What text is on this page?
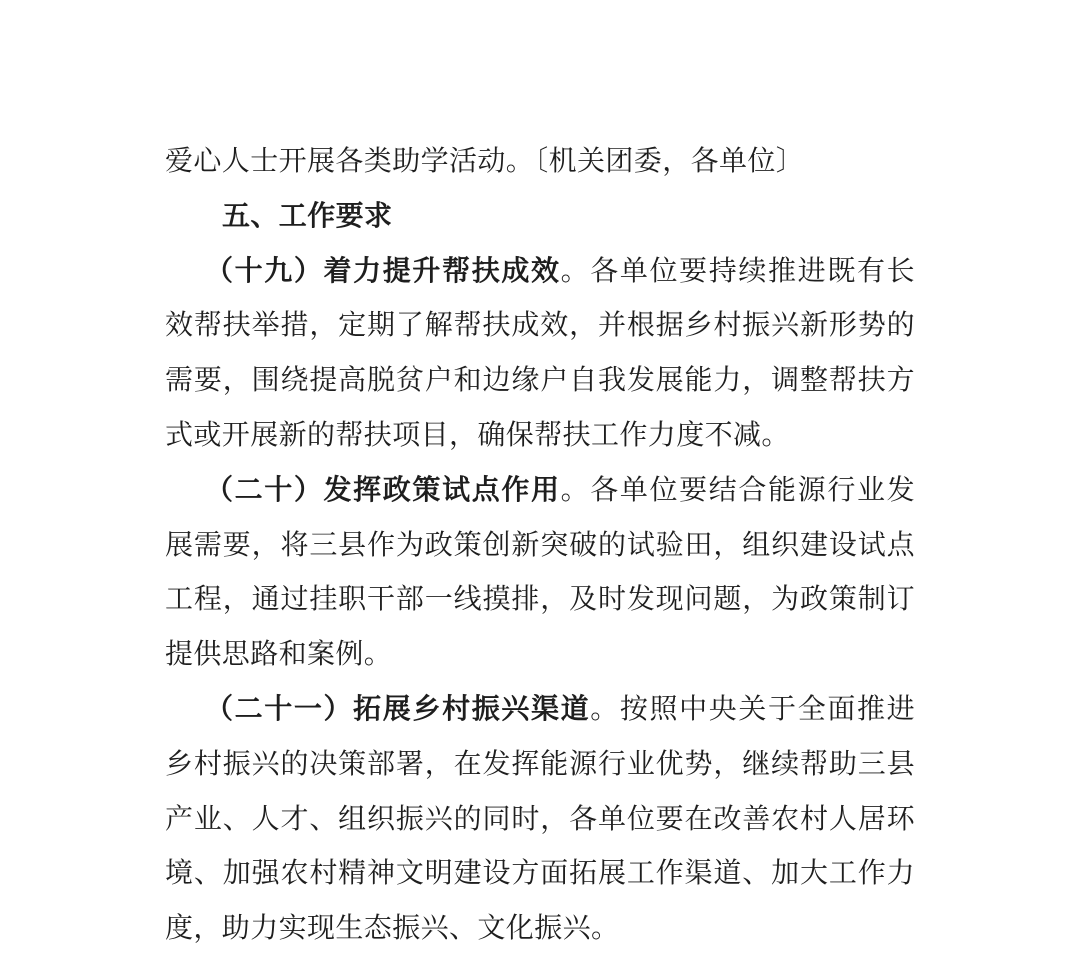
爱心人士开展各类助学活动。〔机关团委，各单位〕
五、工作要求
（十九）着力提升帮扶成效。各单位要持续推进既有长
效帮扶举措，定期了解帮扶成效，并根据乡村振兴新形势的
需要，围绕提高脱贫户和边缘户自我发展能力，调整帮扶方
式或开展新的帮扶项目，确保帮扶工作力度不减。
（二十）发挥政策试点作用。各单位要结合能源行业发
展需要，将三县作为政策创新突破的试验田，组织建设试点
工程，通过挂职干部一线摸排，及时发现问题，为政策制订
提供思路和案例。
（二十一）拓展乡村振兴渠道。按照中央关于全面推进
乡村振兴的决策部署，在发挥能源行业优势，继续帮助三县
产业、人才、组织振兴的同时，各单位要在改善农村人居环
境、加强农村精神文明建设方面拓展工作渠道、加大工作力
度，助力实现生态振兴、文化振兴。
